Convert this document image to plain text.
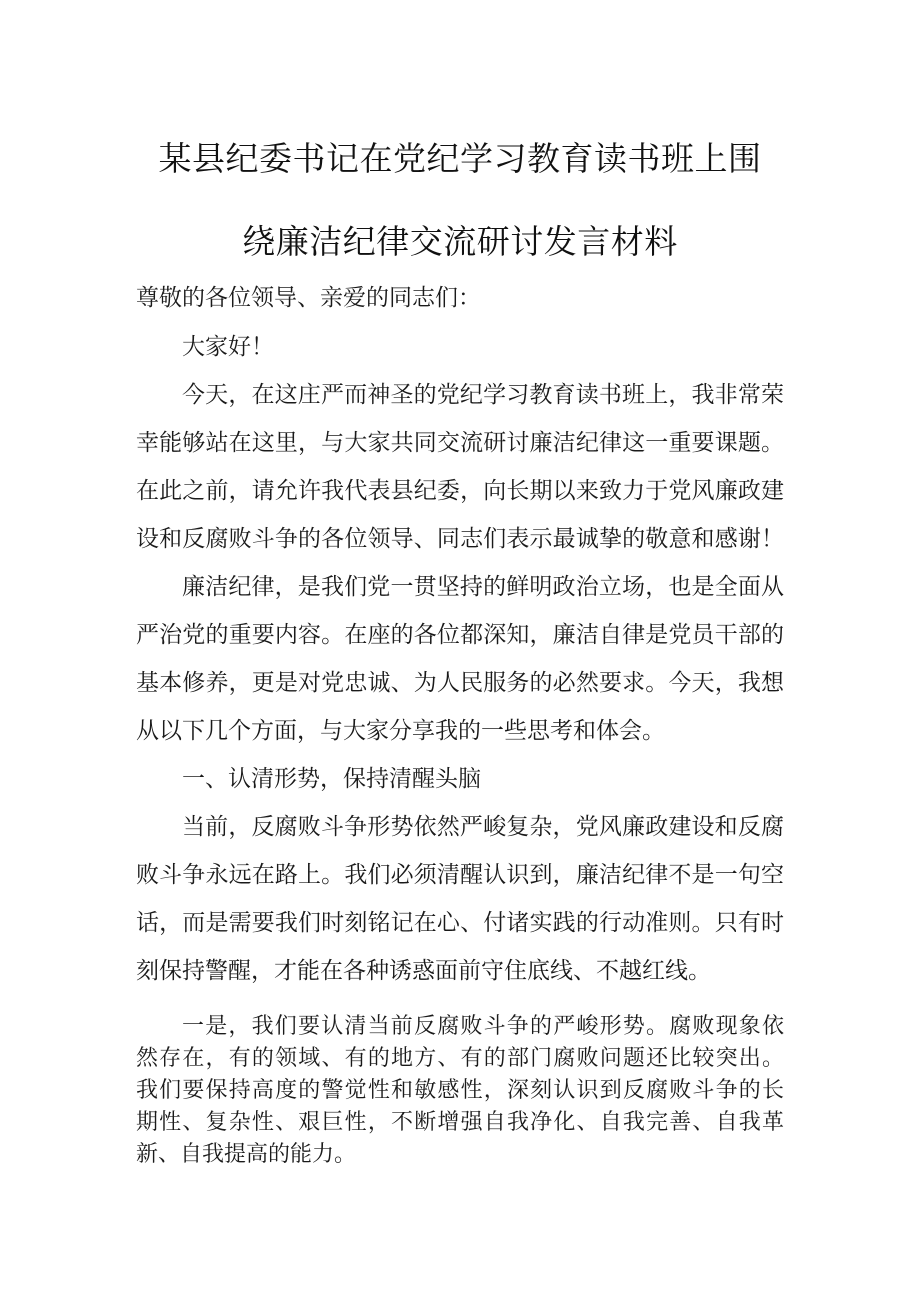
某县纪委书记在党纪学习教育读书班上围
绕廉洁纪律交流研讨发言材料
尊敬的各位领导、亲爱的同志们：
大家好！
今天，在这庄严而神圣的党纪学习教育读书班上，我非常荣
幸能够站在这里，与大家共同交流研讨廉洁纪律这一重要课题。
在此之前，请允许我代表县纪委，向长期以来致力于党风廉政建
设和反腐败斗争的各位领导、同志们表示最诚挚的敬意和感谢！
廉洁纪律，是我们党一贯坚持的鲜明政治立场，也是全面从
严治党的重要内容。在座的各位都深知，廉洁自律是党员干部的
基本修养，更是对党忠诚、为人民服务的必然要求。今天，我想
从以下几个方面，与大家分享我的一些思考和体会。
一、认清形势，保持清醒头脑
当前，反腐败斗争形势依然严峻复杂，党风廉政建设和反腐
败斗争永远在路上。我们必须清醒认识到，廉洁纪律不是一句空
话，而是需要我们时刻铭记在心、付诸实践的行动准则。只有时
刻保持警醒，才能在各种诱惑面前守住底线、不越红线。
一是，我们要认清当前反腐败斗争的严峻形势。腐败现象依
然存在，有的领域、有的地方、有的部门腐败问题还比较突出。
我们要保持高度的警觉性和敏感性，深刻认识到反腐败斗争的长
期性、复杂性、艰巨性，不断增强自我净化、自我完善、自我革
新、自我提高的能力。
